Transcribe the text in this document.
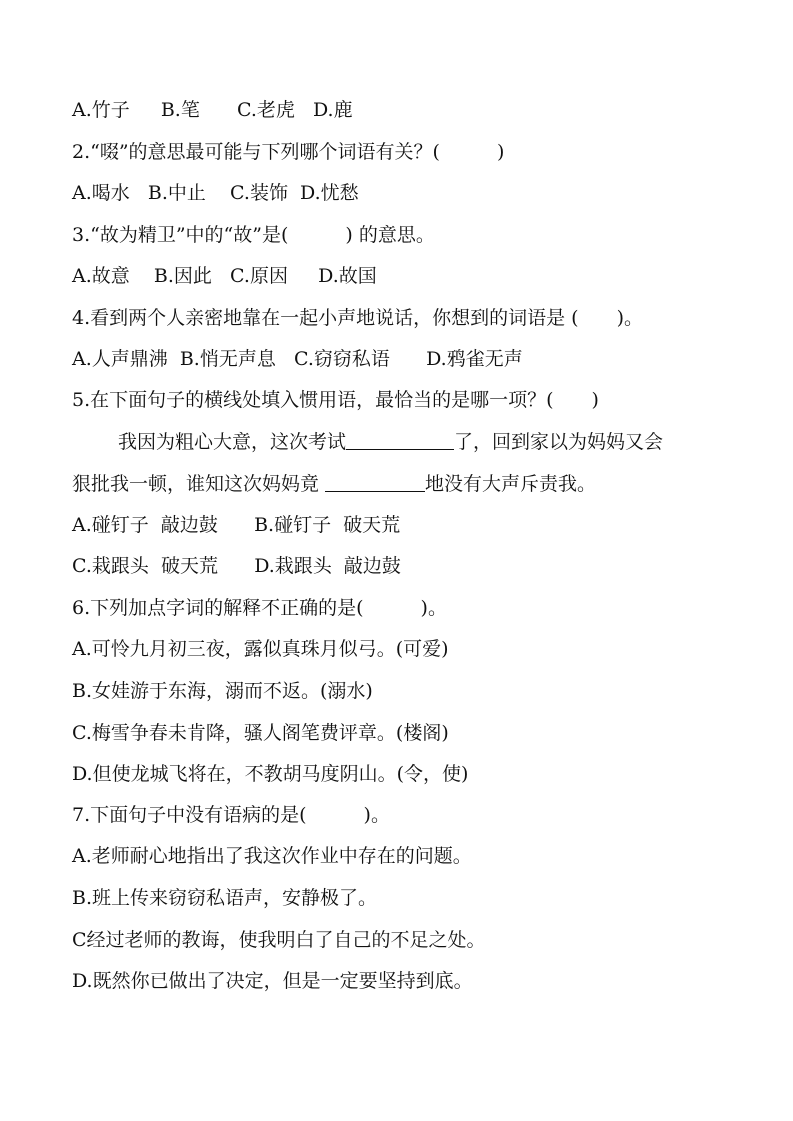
A.竹子　  B.笔　   C.老虎   D.鹿
2.“啜”的意思最可能与下列哪个词语有关？(　　　)
A.喝水   B.中止    C.装饰  D.忧愁
3.“故为精卫”中的“故”是(　　　) 的意思。
A.故意    B.因此   C.原因     D.故国
4.看到两个人亲密地靠在一起小声地说话，你想到的词语是 (　　)。
A.人声鼎沸  B.悄无声息   C.窃窃私语      D.鸦雀无声
5.在下面句子的横线处填入惯用语，最恰当的是哪一项？(　　)
我因为粗心大意，这次考试	了，回到家以为妈妈又会
狠批我一顿，谁知这次妈妈竟	地没有大声斥责我。
A.碰钉子  敲边鼓      B.碰钉子  破天荒
C.栽跟头  破天荒      D.栽跟头  敲边鼓
6.下列加点字词的解释不正确的是(　　　)。
A.可怜九月初三夜，露似真珠月似弓。(可爱)
B.女娃游于东海，溺而不返。(溺水)
C.梅雪争春未肯降，骚人阁笔费评章。(楼阁)
D.但使龙城飞将在，不教胡马度阴山。(令，使)
7.下面句子中没有语病的是(　　　)。
A.老师耐心地指出了我这次作业中存在的问题。
B.班上传来窃窃私语声，安静极了。
C经过老师的教诲，使我明白了自己的不足之处。
D.既然你已做出了决定，但是一定要坚持到底。
